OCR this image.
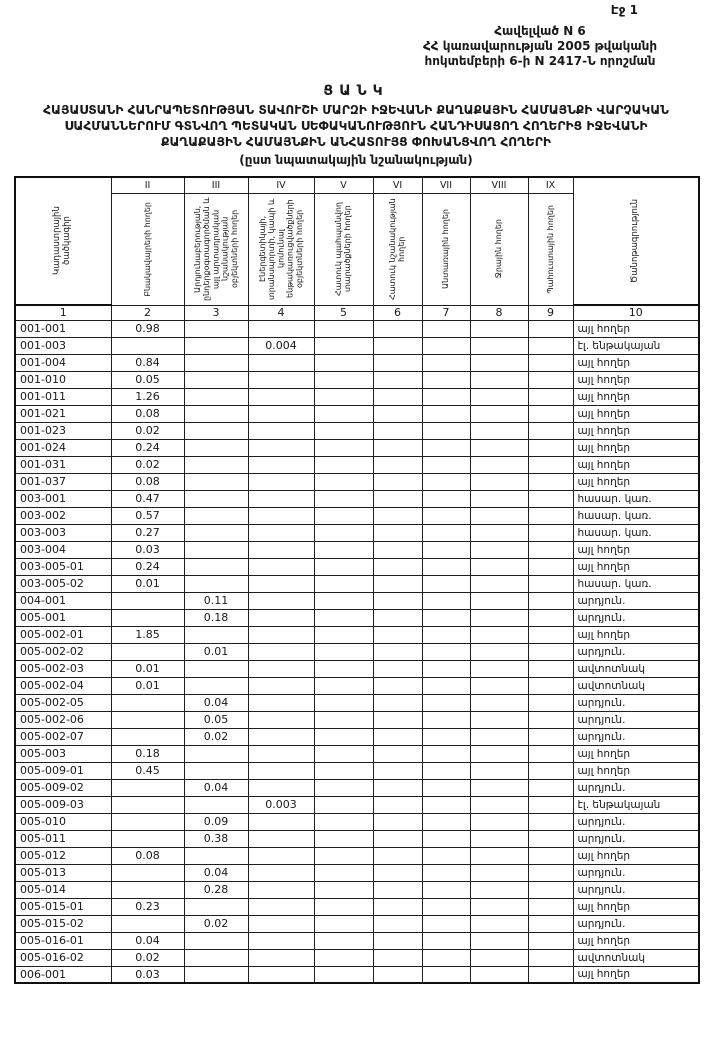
Էջ 1
Հավելված N 6
ՀՀ կառավարության 2005 թվականի
հոկտեմբերի 6-ի N 2417-Ն որոշման
ՑԱՆԿ
ՀԱՅԱՍՏԱՆԻ ՀԱՆՐԱՊԵՏՈՒԹՅԱՆ ՏԱՎՈՒՇԻ ՄԱՐԶԻ ԻՋԵՎԱՆԻ ՔԱՂԱՔԱՅԻՆ ՀԱՄԱՅՆՔԻ ՎԱՐՉԱԿԱՆ
ՍԱՀՄԱՆՆԵՐՈՒՄ ԳՏՆՎՈՂ ՊԵՏԱԿԱՆ ՍԵՓԱԿԱՆՈՒԹՅՈՒՆ ՀԱՆԴԻՍԱՑՈՂ ՀՈՂԵՐԻՑ ԻՋԵՎԱՆԻ
ՔԱՂԱՔԱՅԻՆ ՀԱՄԱՅՆՔԻՆ ԱՆՀԱՏՈՒՅՑ ՓՈԽԱՆՑՎՈՂ ՀՈՂԵՐԻ
(ըստ նպատակային նշանակության)
Կադաստրային ծածկագիր	II	III	IV	V	VI	VII	VIII	IX	Ծանոթագրություն

	Բնակավայրերի հողեր	Արդյունաբերության, ընդերքօգտագործման և այլ արտադրական նշանակության օբյեկտների հողեր	Էներգետիկայի, տրանսպորտի, կապի և կոմունալ ենթակառուցվածքների օբյեկտների հողեր	Հատուկ պահպանվող տարածքների հողեր	Հատուկ նշանակության հողեր	Անտառային հողեր	Ջրային հողեր	Պահուստային հողեր	

1	2	3	4	5	6	7	8	9	10
001-001	0.98								այլ հողեր
001-003			0.004						էլ. ենթակայան
001-004	0.84								այլ հողեր
001-010	0.05								այլ հողեր
001-011	1.26								այլ հողեր
001-021	0.08								այլ հողեր
001-023	0.02								այլ հողեր
001-024	0.24								այլ հողեր
001-031	0.02								այլ հողեր
001-037	0.08								այլ հողեր
003-001	0.47								հասար. կառ.
003-002	0.57								հասար. կառ.
003-003	0.27								հասար. կառ.
003-004	0.03								այլ հողեր
003-005-01	0.24								այլ հողեր
003-005-02	0.01								հասար. կառ.
004-001		0.11							արդյուն.
005-001		0.18							արդյուն.
005-002-01	1.85								այլ հողեր
005-002-02		0.01							արդյուն.
005-002-03	0.01								ավտոտնակ
005-002-04	0.01								ավտոտնակ
005-002-05		0.04							արդյուն.
005-002-06		0.05							արդյուն.
005-002-07		0.02							արդյուն.
005-003	0.18								այլ հողեր
005-009-01	0.45								այլ հողեր
005-009-02		0.04							արդյուն.
005-009-03			0.003						էլ. ենթակայան
005-010		0.09							արդյուն.
005-011		0.38							արդյուն.
005-012	0.08								այլ հողեր
005-013		0.04							արդյուն.
005-014		0.28							արդյուն.
005-015-01	0.23								այլ հողեր
005-015-02		0.02							արդյուն.
005-016-01	0.04								այլ հողեր
005-016-02	0.02								ավտոտնակ
006-001	0.03								այլ հողեր
